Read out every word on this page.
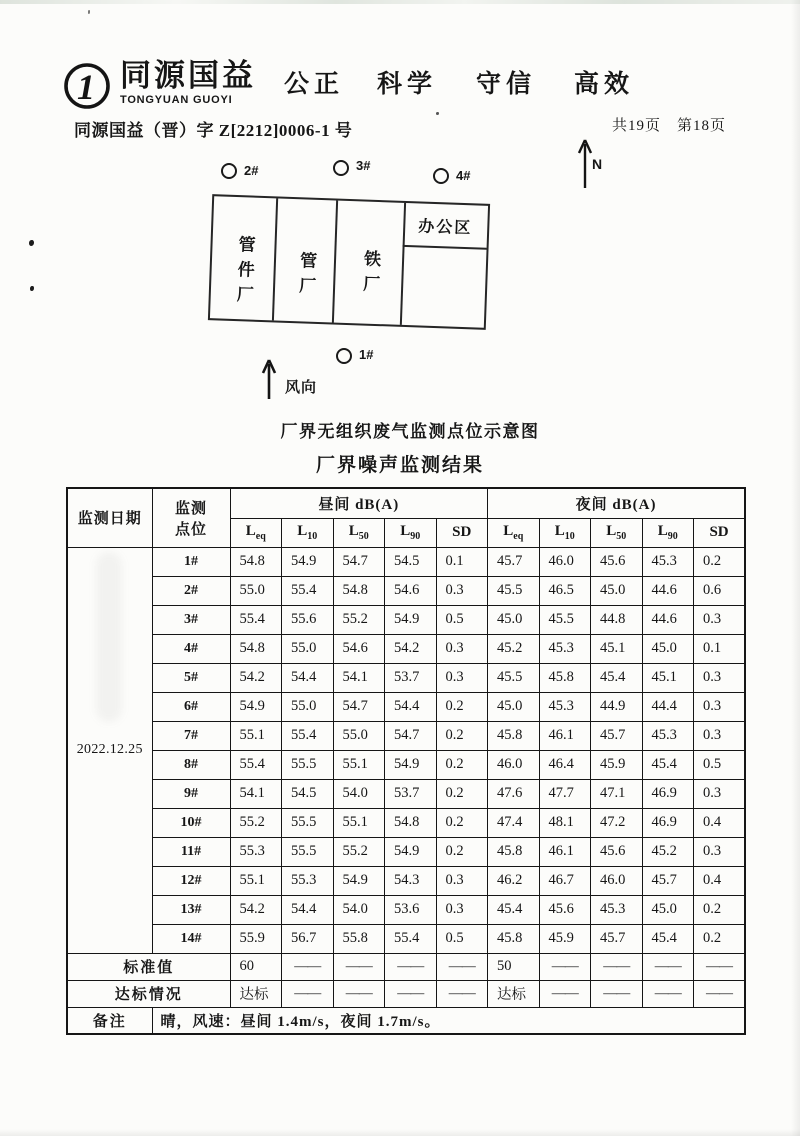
1 同源国益
TONGYUAN GUOYI
公正 科学 守信 高效
同源国益（晋）字 Z[2212]0006-1 号	共19页　第18页
N
2#	3#
4#
1#
办公区
管件厂 管厂	铁厂
风向
厂界无组织废气监测点位示意图
厂界噪声监测结果
监测日期	监测
点位	昼间 dB(A)					夜间 dB(A)				
		$L_{eq}$	$L_{10}$	$L_{50}$	$L_{90}$	SD	$L_{eq}$	$L_{10}$	$L_{50}$	$L_{90}$	SD
2022.12.25	1#	54.8	54.9	54.7	54.5	0.1	45.7	46.0	45.6	45.3	0.2
	2#	55.0	55.4	54.8	54.6	0.3	45.5	46.5	45.0	44.6	0.6
	3#	55.4	55.6	55.2	54.9	0.5	45.0	45.5	44.8	44.6	0.3
	4#	54.8	55.0	54.6	54.2	0.3	45.2	45.3	45.1	45.0	0.1
	5#	54.2	54.4	54.1	53.7	0.3	45.5	45.8	45.4	45.1	0.3
	6#	54.9	55.0	54.7	54.4	0.2	45.0	45.3	44.9	44.4	0.3
	7#	55.1	55.4	55.0	54.7	0.2	45.8	46.1	45.7	45.3	0.3
	8#	55.4	55.5	55.1	54.9	0.2	46.0	46.4	45.9	45.4	0.5
	9#	54.1	54.5	54.0	53.7	0.2	47.6	47.7	47.1	46.9	0.3
	10#	55.2	55.5	55.1	54.8	0.2	47.4	48.1	47.2	46.9	0.4
	11#	55.3	55.5	55.2	54.9	0.2	45.8	46.1	45.6	45.2	0.3
	12#	55.1	55.3	54.9	54.3	0.3	46.2	46.7	46.0	45.7	0.4
	13#	54.2	54.4	54.0	53.6	0.3	45.4	45.6	45.3	45.0	0.2
	14#	55.9	56.7	55.8	55.4	0.5	45.8	45.9	45.7	45.4	0.2
标准值		60	——	——	——	——	50	——	——	——	——
达标情况		达标	——	——	——	——	达标	——	——	——	——
备注	晴，风速：昼间 1.4m/s，夜间 1.7m/s。										
